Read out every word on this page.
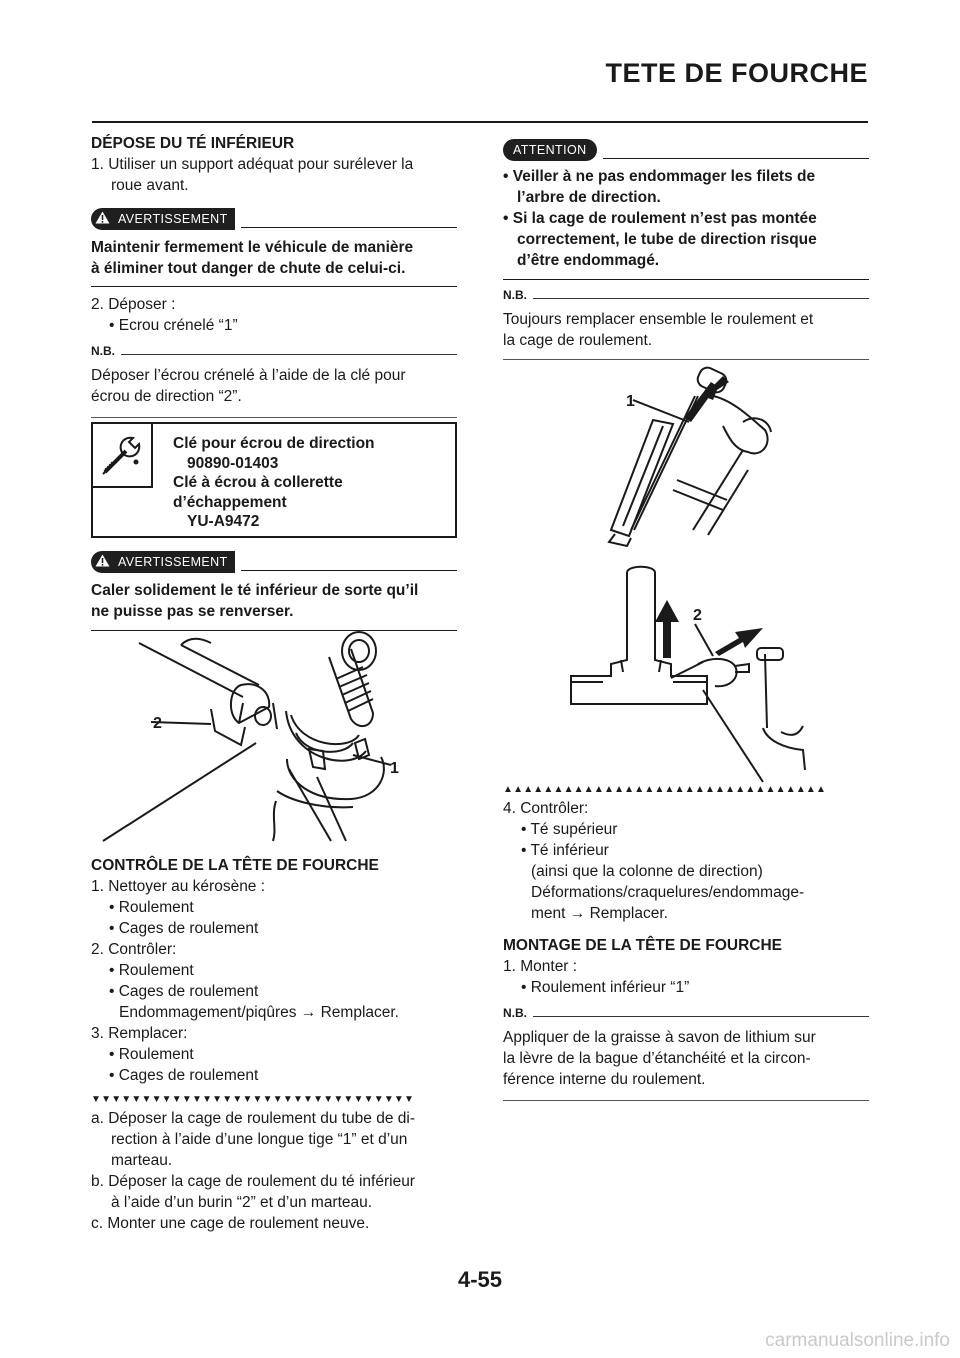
TETE DE FOURCHE
DÉPOSE DU TÉ INFÉRIEUR
1. Utiliser un support adéquat pour surélever la
roue avant.
AVERTISSEMENT
Maintenir fermement le véhicule de manière
à éliminer tout danger de chute de celui-ci.
2. Déposer :
• Ecrou crénelé “1”
N.B.
Déposer l’écrou crénelé à l’aide de la clé pour
écrou de direction “2”.
Clé pour écrou de direction
90890-01403
Clé à écrou à collerette
d’échappement
YU-A9472
AVERTISSEMENT
Caler solidement le té inférieur de sorte qu’il
ne puisse pas se renverser.
2
1
CONTRÔLE DE LA TÊTE DE FOURCHE
1. Nettoyer au kérosène :
• Roulement
• Cages de roulement
2. Contrôler:
• Roulement
• Cages de roulement
Endommagement/piqûres → Remplacer.
3. Remplacer:
• Roulement
• Cages de roulement
▼▼▼▼▼▼▼▼▼▼▼▼▼▼▼▼▼▼▼▼▼▼▼▼▼▼▼▼▼▼▼▼
a. Déposer la cage de roulement du tube de di-
rection à l’aide d’une longue tige “1” et d’un
marteau.
b. Déposer la cage de roulement du té inférieur
à l’aide d’un burin “2” et d’un marteau.
c. Monter une cage de roulement neuve.
ATTENTION
• Veiller à ne pas endommager les filets de
l’arbre de direction.
• Si la cage de roulement n’est pas montée
correctement, le tube de direction risque
d’être endommagé.
N.B.
Toujours remplacer ensemble le roulement et
la cage de roulement.
1
2
▲▲▲▲▲▲▲▲▲▲▲▲▲▲▲▲▲▲▲▲▲▲▲▲▲▲▲▲▲▲▲▲
4. Contrôler:
• Té supérieur
• Té inférieur
(ainsi que la colonne de direction)
Déformations/craquelures/endommage-
ment → Remplacer.
MONTAGE DE LA TÊTE DE FOURCHE
1. Monter :
• Roulement inférieur “1”
N.B.
Appliquer de la graisse à savon de lithium sur
la lèvre de la bague d’étanchéité et la circon-
férence interne du roulement.
4-55
carmanualsonline.info
